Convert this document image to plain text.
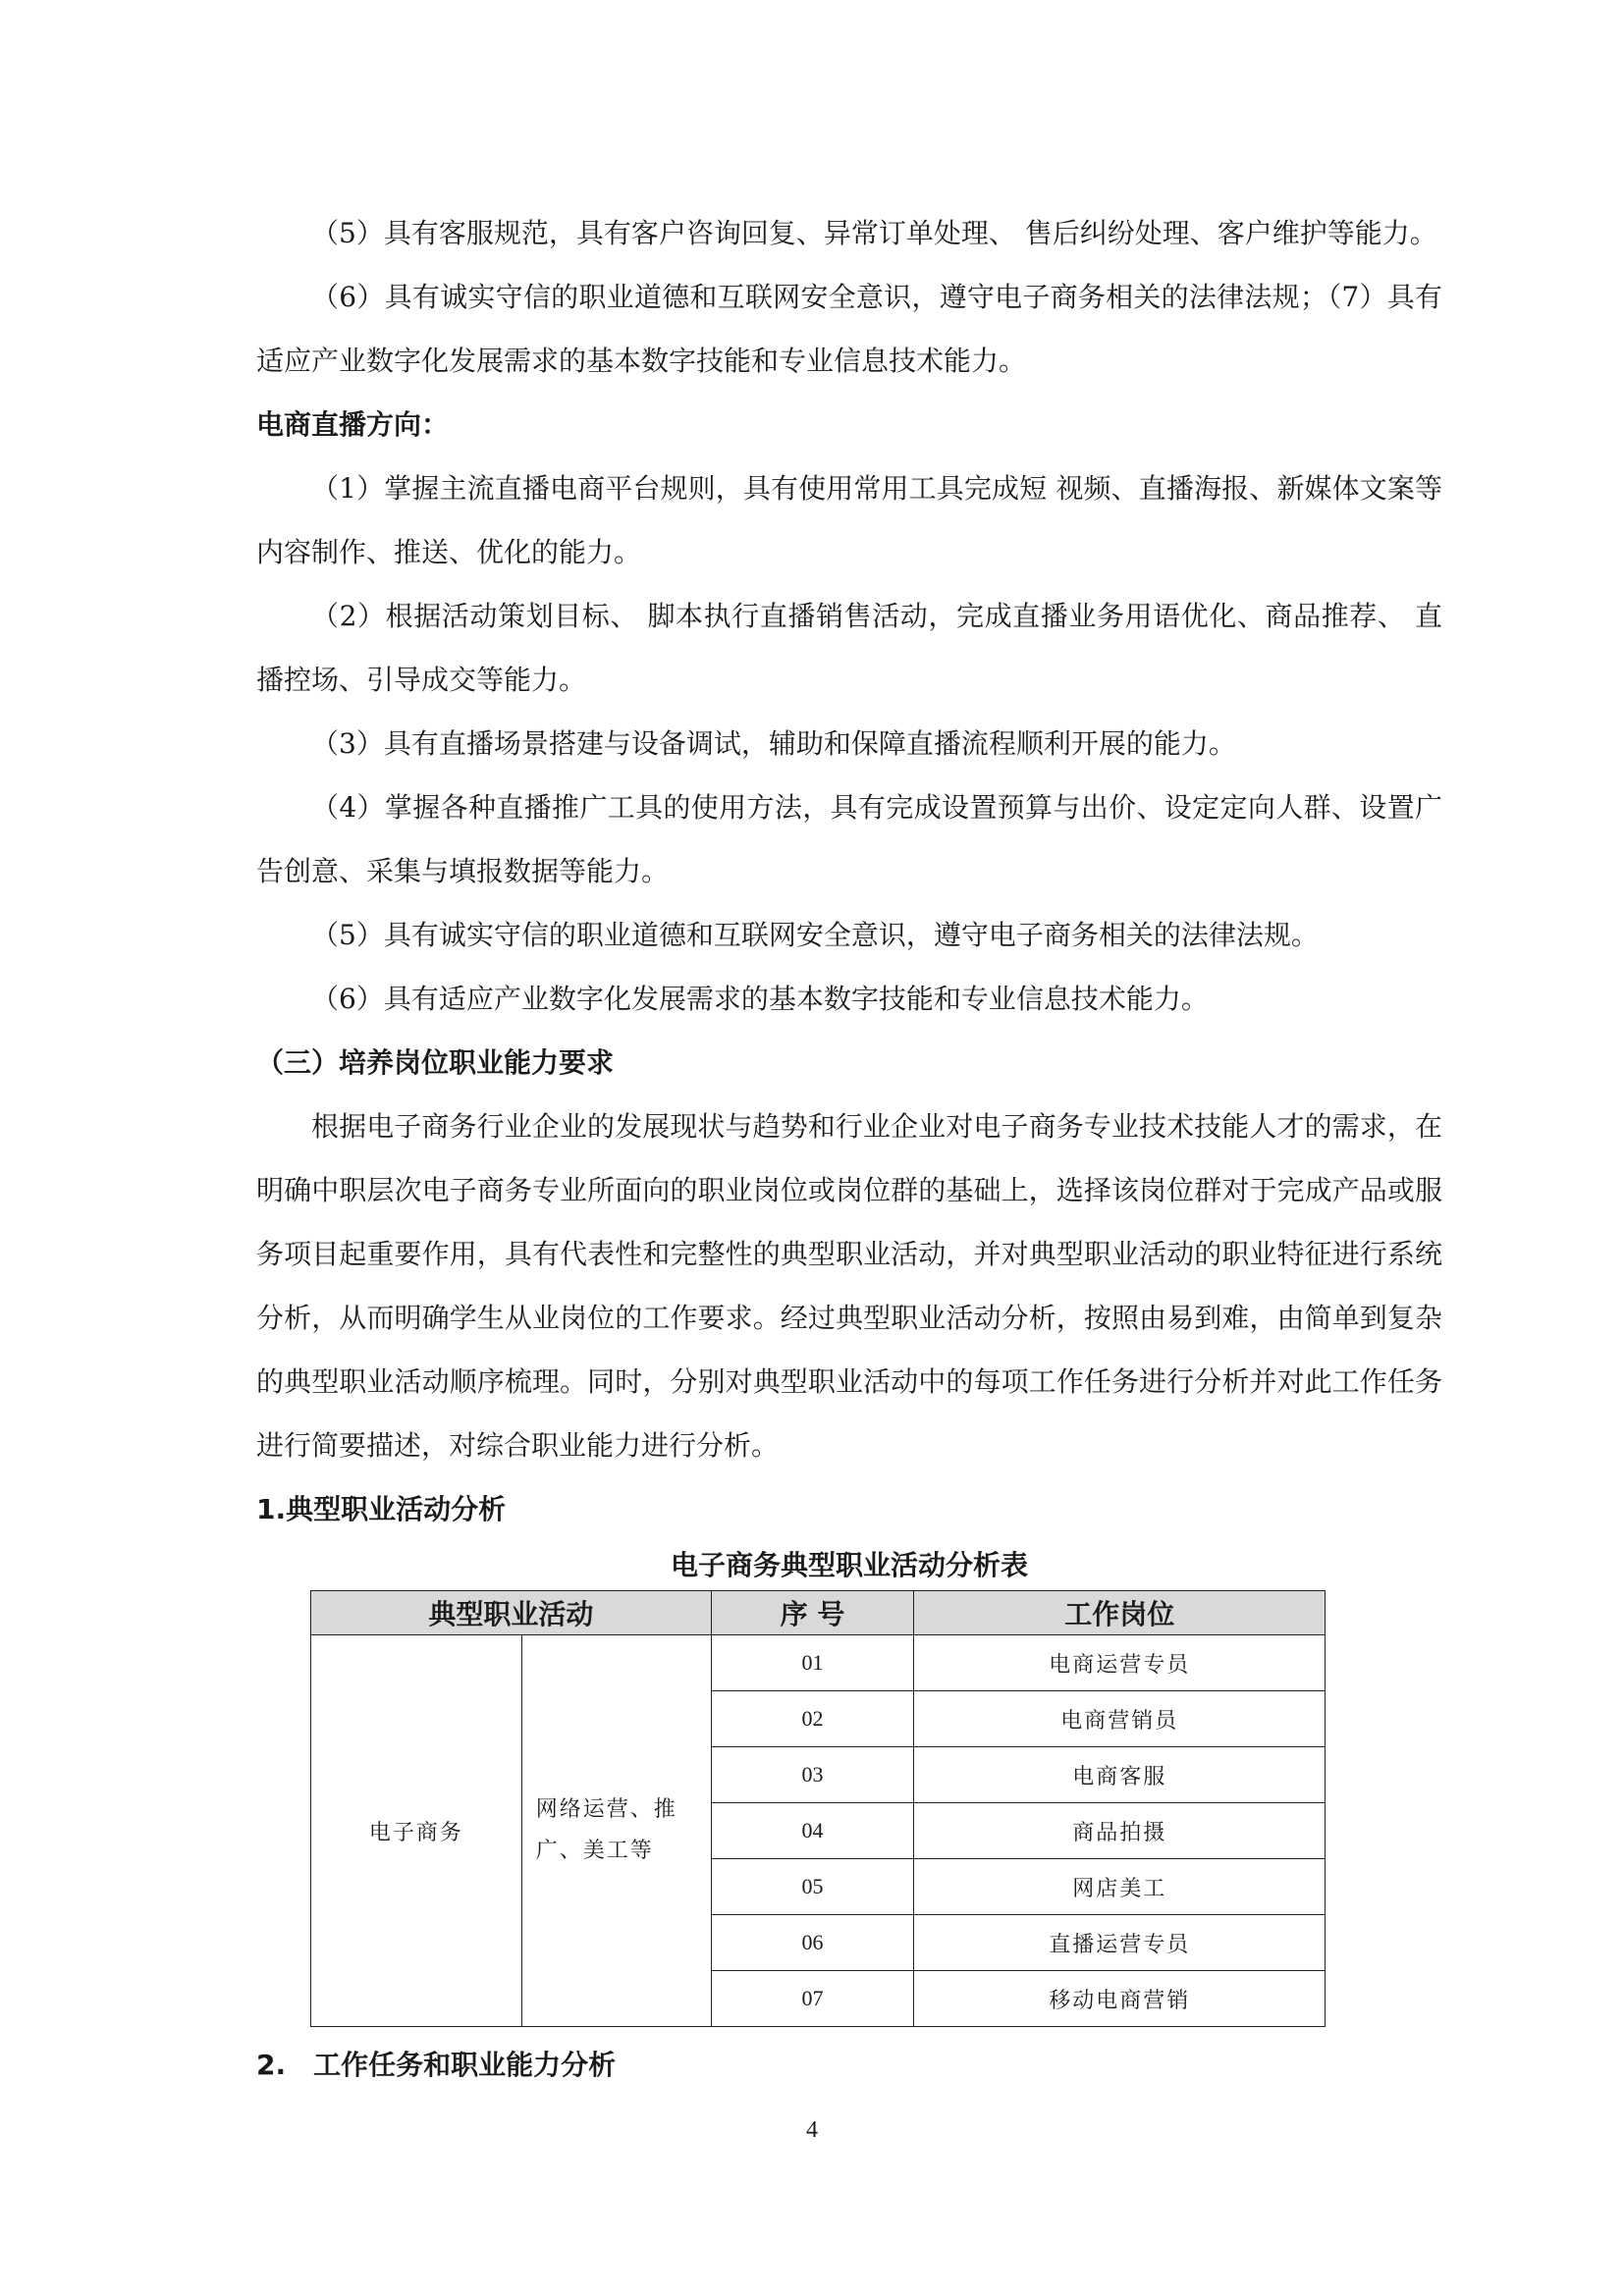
（5）具有客服规范，具有客户咨询回复、异常订单处理、 售后纠纷处理、客户维护等能力。

（6）具有诚实守信的职业道德和互联网安全意识，遵守电子商务相关的法律法规；（7）具有适应产业数字化发展需求的基本数字技能和专业信息技术能力。

电商直播方向：

（1）掌握主流直播电商平台规则，具有使用常用工具完成短 视频、直播海报、新媒体文案等内容制作、推送、优化的能力。

（2）根据活动策划目标、 脚本执行直播销售活动，完成直播业务用语优化、商品推荐、 直播控场、引导成交等能力。

（3）具有直播场景搭建与设备调试，辅助和保障直播流程顺利开展的能力。

（4）掌握各种直播推广工具的使用方法，具有完成设置预算与出价、设定定向人群、设置广告创意、采集与填报数据等能力。

（5）具有诚实守信的职业道德和互联网安全意识，遵守电子商务相关的法律法规。

（6）具有适应产业数字化发展需求的基本数字技能和专业信息技术能力。

（三）培养岗位职业能力要求

根据电子商务行业企业的发展现状与趋势和行业企业对电子商务专业技术技能人才的需求，在明确中职层次电子商务专业所面向的职业岗位或岗位群的基础上，选择该岗位群对于完成产品或服务项目起重要作用，具有代表性和完整性的典型职业活动，并对典型职业活动的职业特征进行系统分析，从而明确学生从业岗位的工作要求。经过典型职业活动分析，按照由易到难，由简单到复杂的典型职业活动顺序梳理。同时，分别对典型职业活动中的每项工作任务进行分析并对此工作任务进行简要描述，对综合职业能力进行分析。

1.典型职业活动分析

电子商务典型职业活动分析表
典型职业活动		序 号	工作岗位
电子商务	网络运营、推广、美工等	01	电商运营专员
		02	电商营销员
		03	电商客服
		04	商品拍摄
		05	网店美工
		06	直播运营专员
		07	移动电商营销

2.　工作任务和职业能力分析

4
